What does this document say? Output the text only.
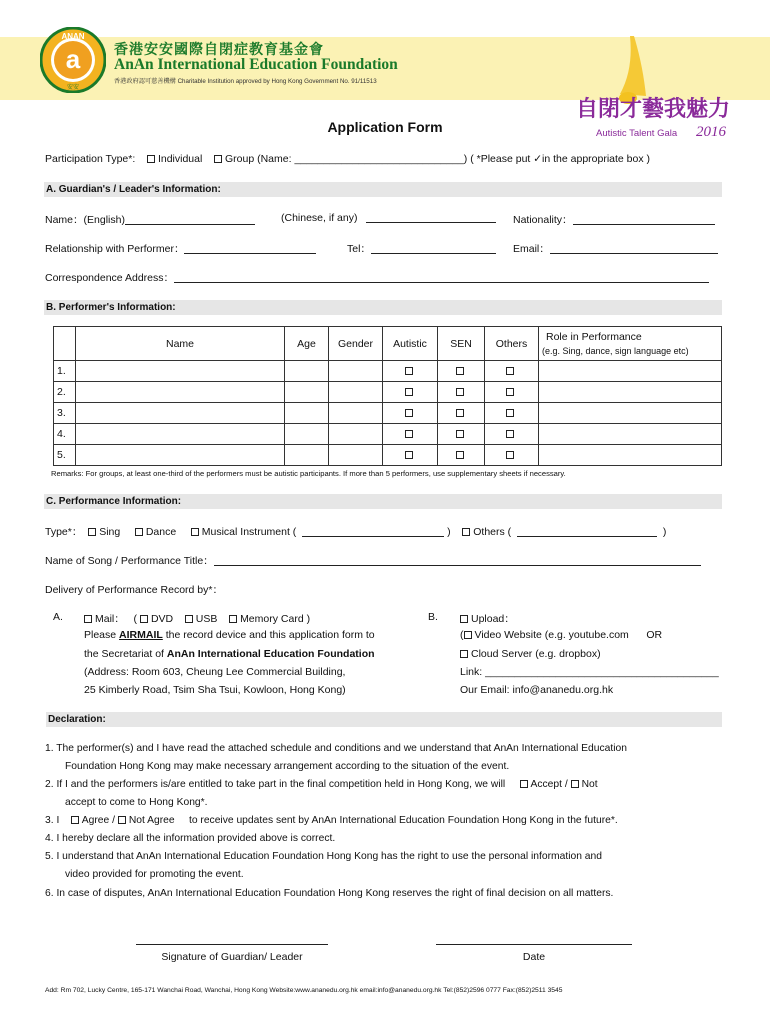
ANAN
a
安安
香港安安國際自閉症教育基金會
AnAn International Education Foundation
香港政府認可慈善機構 Charitable Institution approved by Hong Kong Government No. 91/11513
自閉才藝我魅力
Autistic Talent Gala 2016
Application Form
Participation Type*: Individual Group (Name: _____________________________) ( *Please put ✓in the appropriate box )
A. Guardian's / Leader's Information:
Name：(English)	(Chinese, if any)	Nationality：
Relationship with Performer：	Tel：	Email：
Correspondence Address：
B. Performer's Information:
	Name	Age	Gender	Autistic	SEN	Others	Role in Performance
(e.g. Sing, dance, sign language etc)

1.							
2.							
3.							
4.							
5.							
Remarks: For groups, at least one-third of the performers must be autistic participants. If more than 5 performers, use supplementary sheets if necessary.
C. Performance Information:
Type*： Sing Dance Musical Instrument (	) Others (	)
Name of Song / Performance Title：
Delivery of Performance Record by*：
A.	Mail： ( DVD USB Memory Card )
Please AIRMAIL the record device and this application form to
the Secretariat of AnAn International Education Foundation
(Address: Room 603, Cheung Lee Commercial Building,
25 Kimberly Road, Tsim Sha Tsui, Kowloon, Hong Kong)
B.	Upload：
( Video Website (e.g. youtube.com OR
Cloud Server (e.g. dropbox)
Link: ________________________________________
Our Email: info@ananedu.org.hk
Declaration:
1. The performer(s) and I have read the attached schedule and conditions and we understand that AnAn International Education
Foundation Hong Kong may make necessary arrangement according to the situation of the event.
2. If I and the performers is/are entitled to take part in the final competition held in Hong Kong, we will Accept / Not
accept to come to Hong Kong*.
3. I Agree / Not Agree to receive updates sent by AnAn International Education Foundation Hong Kong in the future*.
4. I hereby declare all the information provided above is correct.
5. I understand that AnAn International Education Foundation Hong Kong has the right to use the personal information and
video provided for promoting the event.
6. In case of disputes, AnAn International Education Foundation Hong Kong reserves the right of final decision on all matters.
Signature of Guardian/ Leader	Date
Add: Rm 702, Lucky Centre, 165-171 Wanchai Road, Wanchai, Hong Kong Website:www.ananedu.org.hk email:info@ananedu.org.hk Tel:(852)2596 0777 Fax:(852)2511 3545
